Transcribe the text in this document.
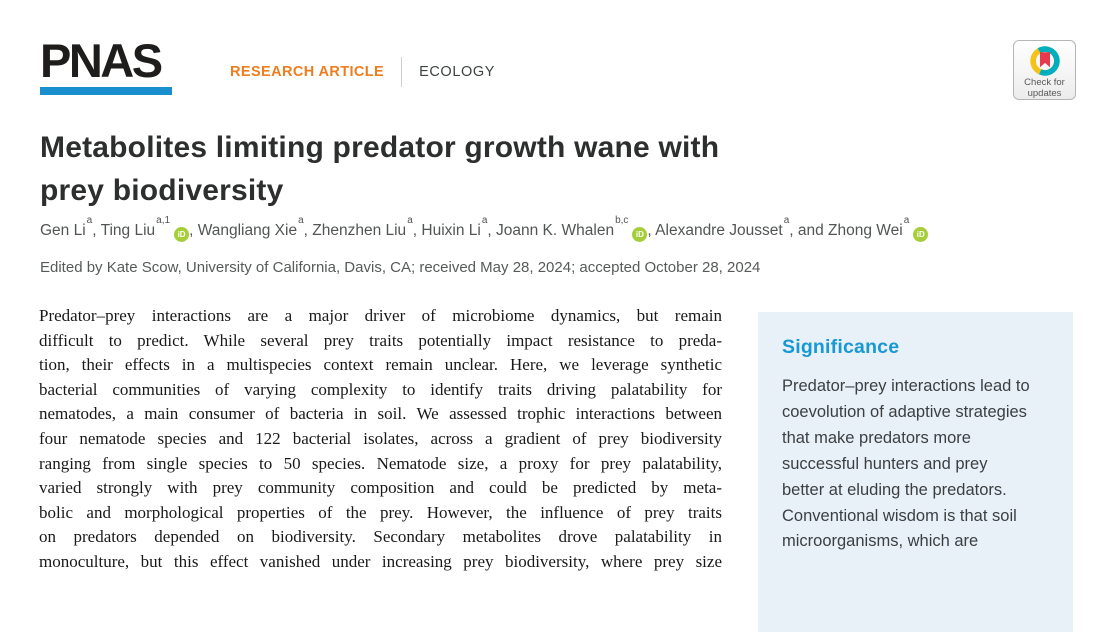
PNAS	RESEARCH ARTICLE ECOLOGY
Check for updates
Metabolites limiting predator growth wane with
prey biodiversity
Gen Li$^a$, Ting Liu$^{a,1}$iD , Wangliang Xie$^a$, Zhenzhen Liu$^a$, Huixin Li$^a$, Joann K. Whalen$^{b,c}$iD , Alexandre Jousset$^a$, and Zhong Wei$^a$iD
Edited by Kate Scow, University of California, Davis, CA; received May 28, 2024; accepted October 28, 2024
Predator–prey interactions are a major driver of microbiome dynamics, but remain
difficult to predict. While several prey traits potentially impact resistance to preda-
tion, their effects in a multispecies context remain unclear. Here, we leverage synthetic
bacterial communities of varying complexity to identify traits driving palatability for
nematodes, a main consumer of bacteria in soil. We assessed trophic interactions between
four nematode species and 122 bacterial isolates, across a gradient of prey biodiversity
ranging from single species to 50 species. Nematode size, a proxy for prey palatability,
varied strongly with prey community composition and could be predicted by meta-
bolic and morphological properties of the prey. However, the influence of prey traits
on predators depended on biodiversity. Secondary metabolites drove palatability in
monoculture, but this effect vanished under increasing prey biodiversity, where prey size
Significance
Predator–prey interactions lead to
coevolution of adaptive strategies
that make predators more
successful hunters and prey
better at eluding the predators.
Conventional wisdom is that soil
microorganisms, which are
